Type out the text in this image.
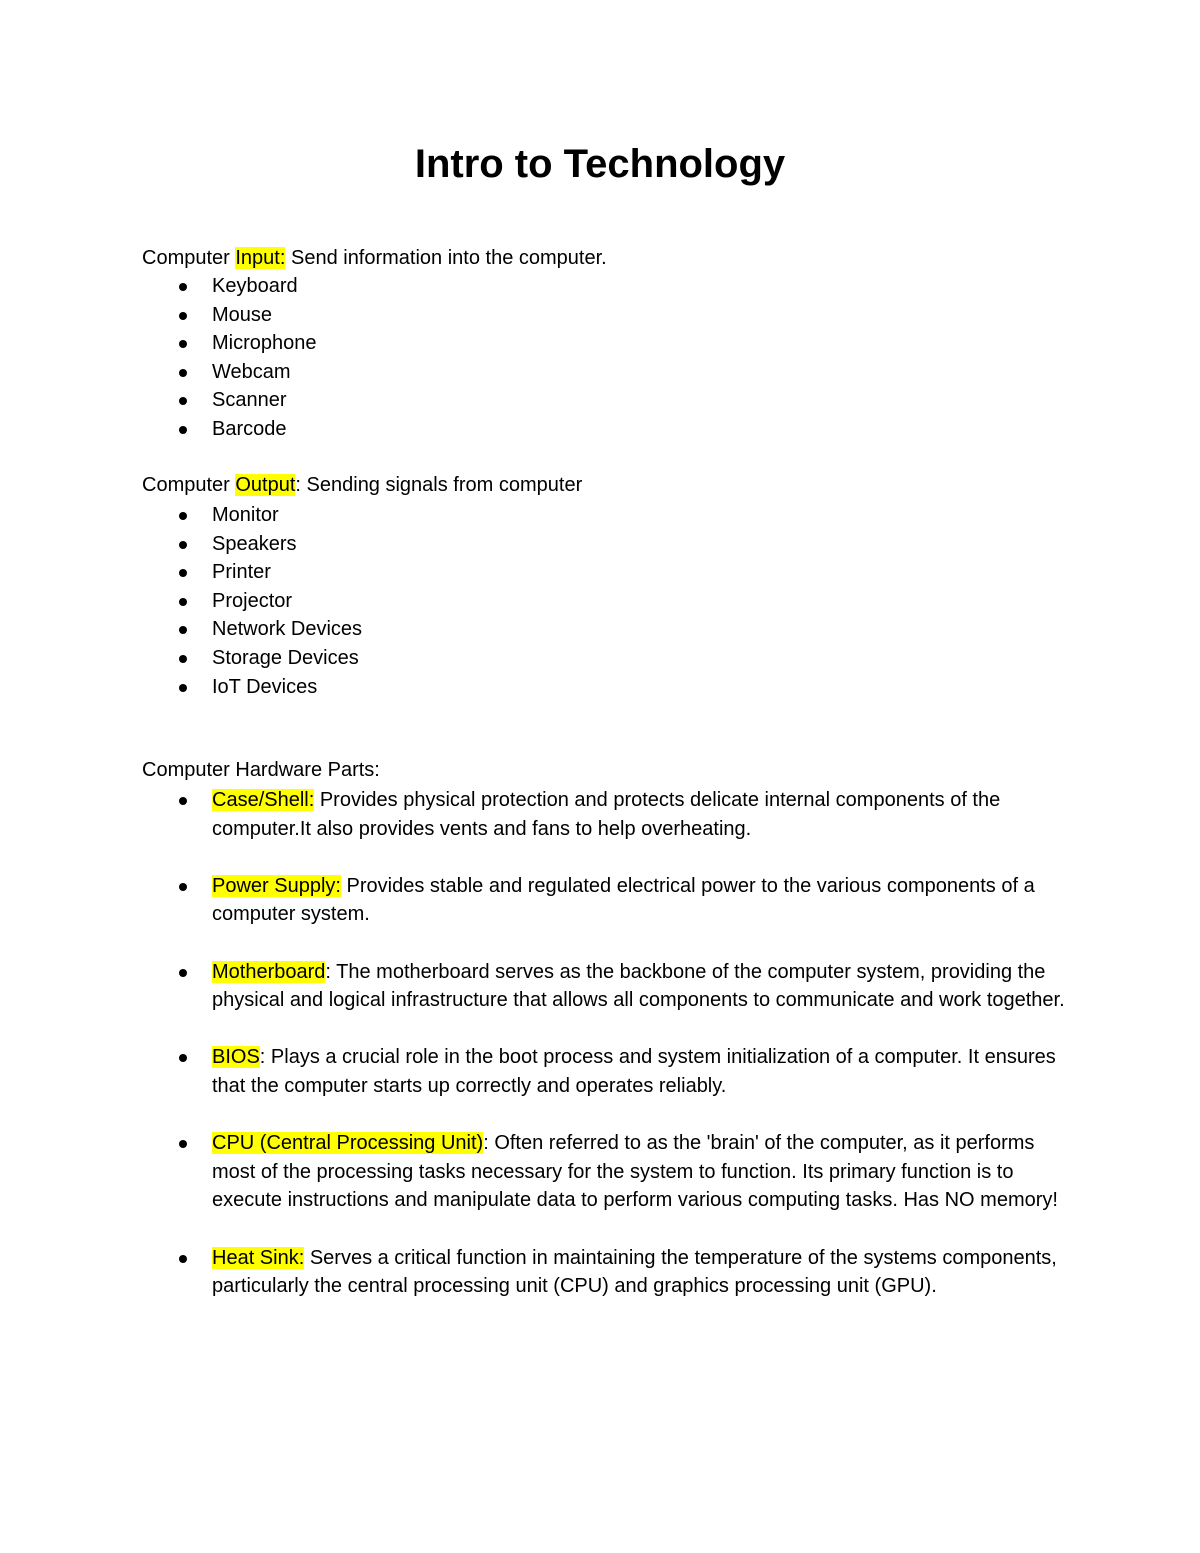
Intro to Technology

Computer Input: Send information into the computer.

Keyboard
Mouse
Microphone
Webcam
Scanner
Barcode

Computer Output: Sending signals from computer

Monitor
Speakers
Printer
Projector
Network Devices
Storage Devices
IoT Devices

Computer Hardware Parts:

Case/Shell: Provides physical protection and protects delicate internal components of the computer.It also provides vents and fans to help overheating.
Power Supply: Provides stable and regulated electrical power to the various components of a computer system.
Motherboard: The motherboard serves as the backbone of the computer system, providing the physical and logical infrastructure that allows all components to communicate and work together.
BIOS: Plays a crucial role in the boot process and system initialization of a computer. It ensures that the computer starts up correctly and operates reliably.
CPU (Central Processing Unit): Often referred to as the 'brain' of the computer, as it performs most of the processing tasks necessary for the system to function. Its primary function is to execute instructions and manipulate data to perform various computing tasks. Has NO memory!
Heat Sink: Serves a critical function in maintaining the temperature of the systems components, particularly the central processing unit (CPU) and graphics processing unit (GPU).
